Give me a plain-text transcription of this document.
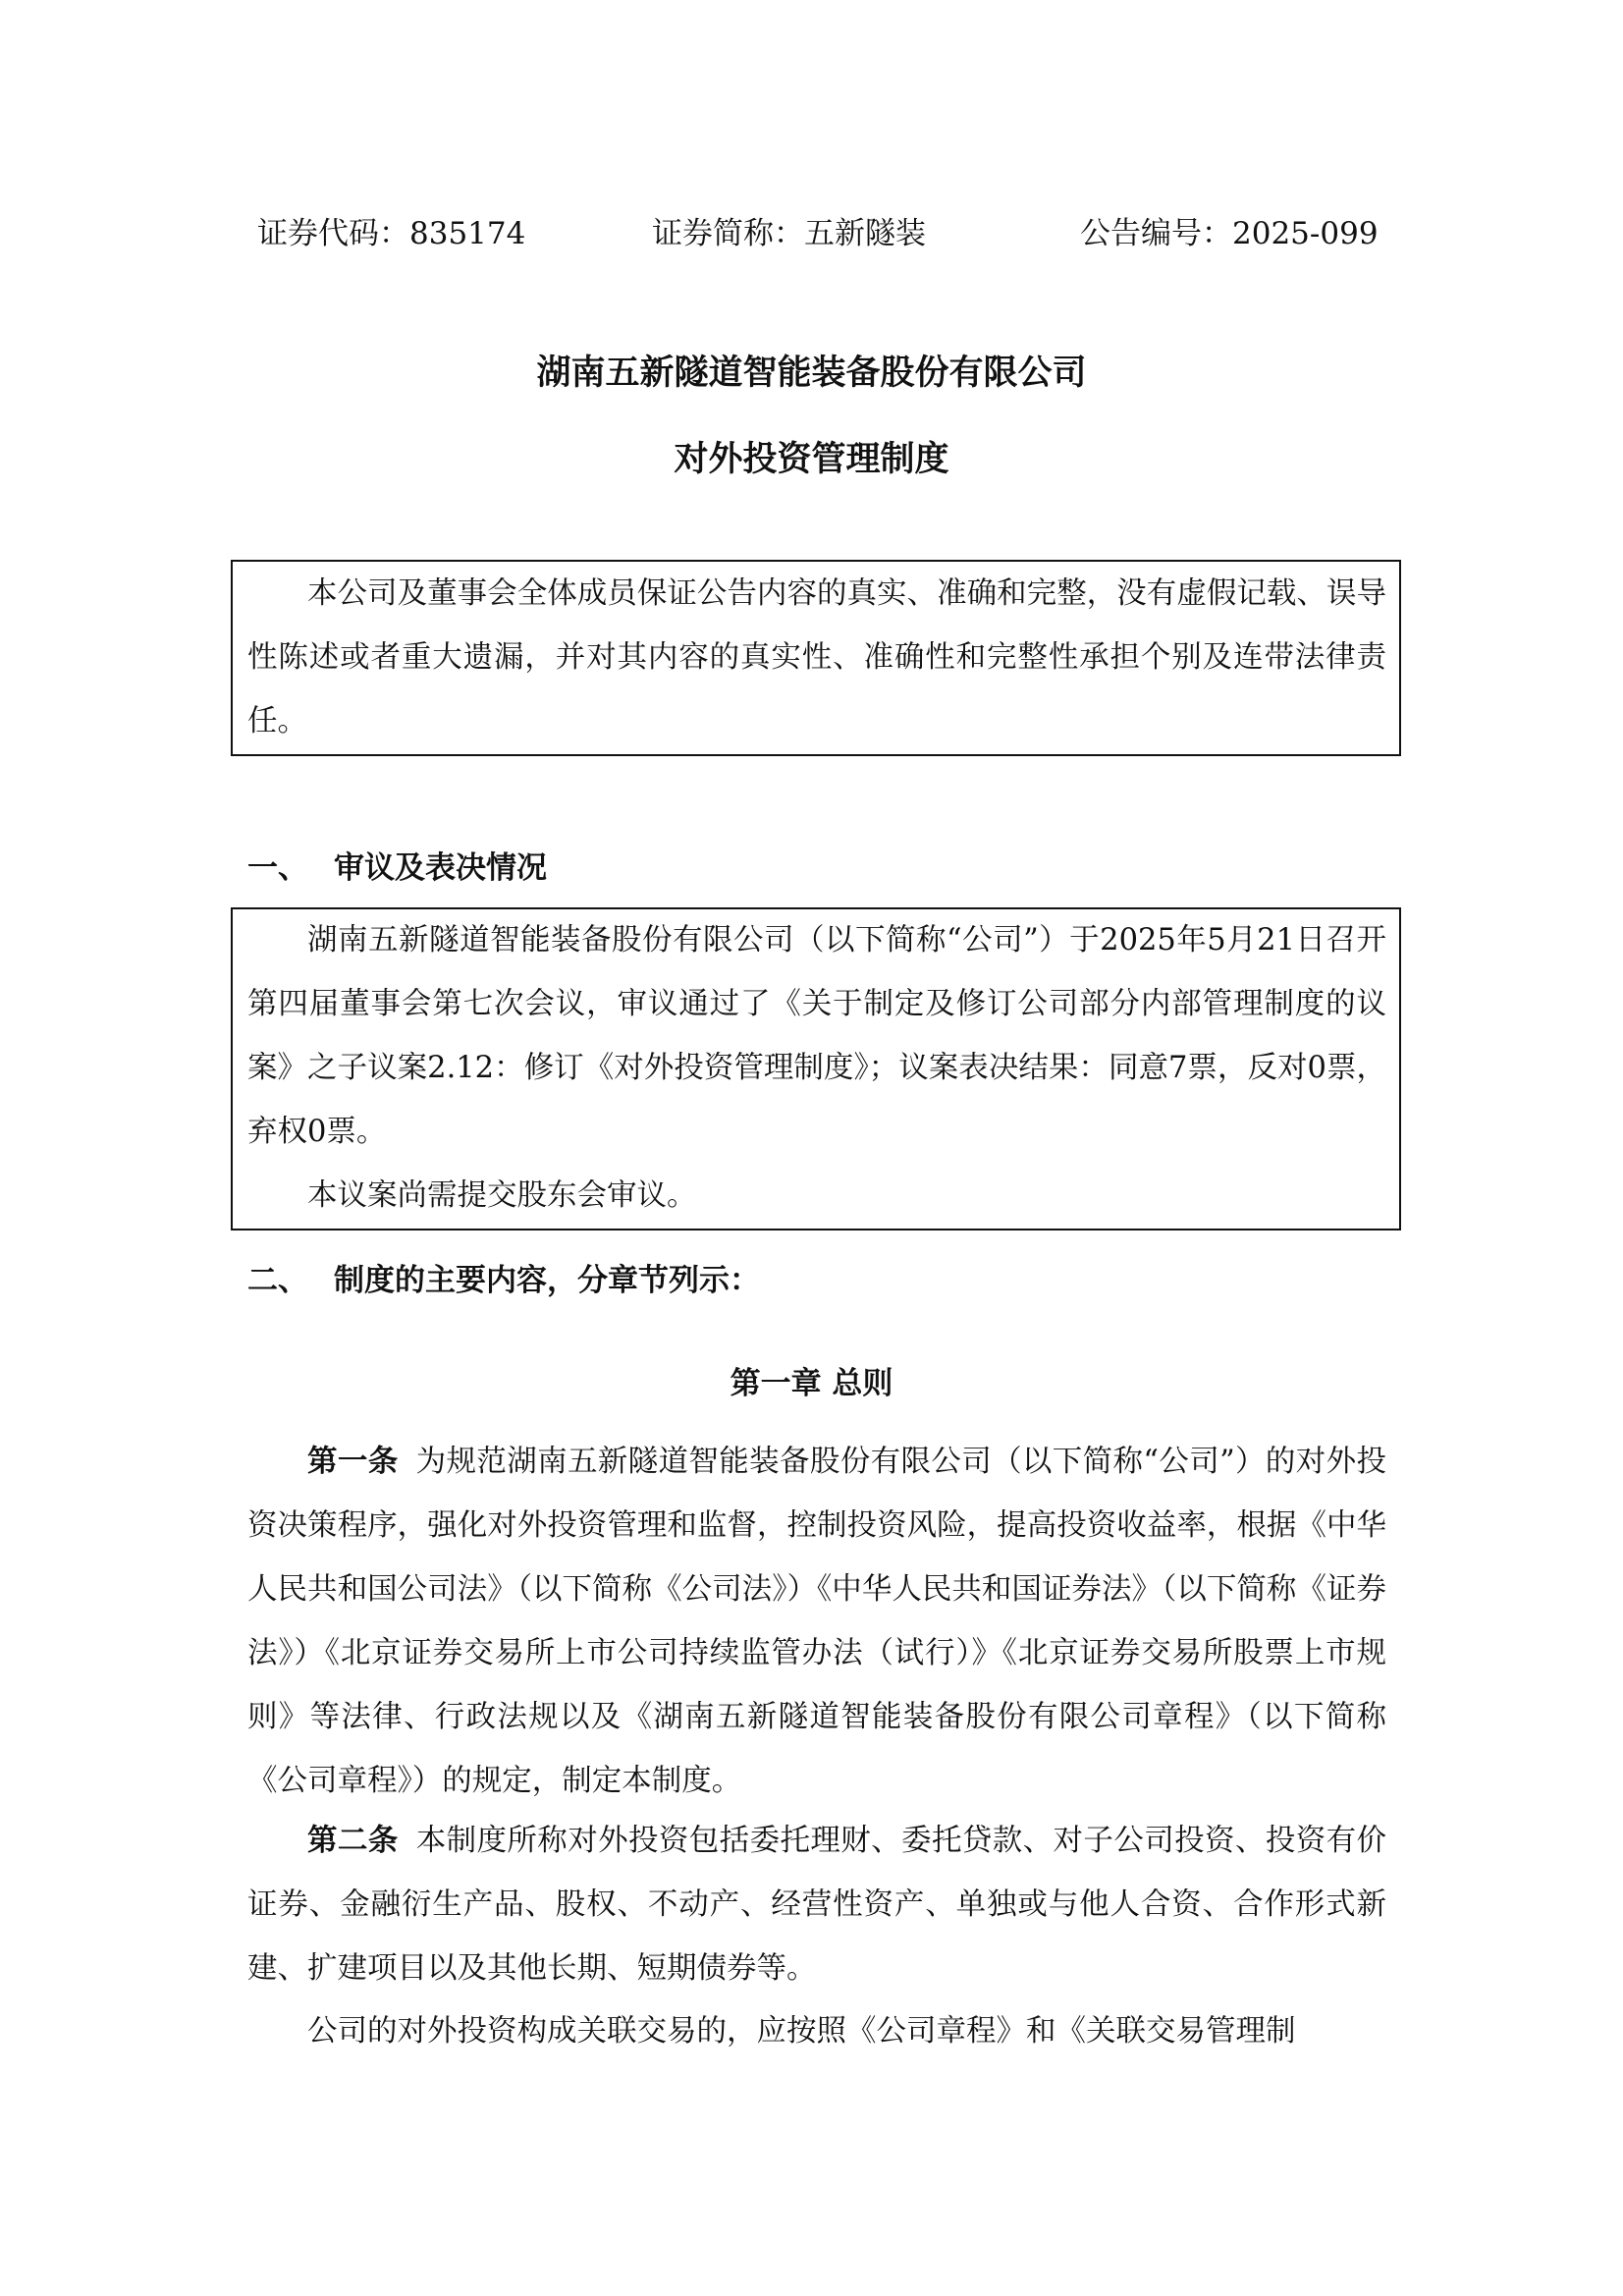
证券代码：835174	证券简称：五新隧装	公告编号：2025-099
湖南五新隧道智能装备股份有限公司
对外投资管理制度

本公司及董事会全体成员保证公告内容的真实、准确和完整，没有虚假记载、误导性陈述或者重大遗漏，并对其内容的真实性、准确性和完整性承担个别及连带法律责任。

一、 审议及表决情况

湖南五新隧道智能装备股份有限公司（以下简称“公司”）于2025年5月21日召开第四届董事会第七次会议，审议通过了《关于制定及修订公司部分内部管理制度的议案》之子议案2.12：修订《对外投资管理制度》；议案表决结果：同意7票，反对0票，弃权0票。

本议案尚需提交股东会审议。

二、 制度的主要内容，分章节列示：
第一章 总则

第一条 为规范湖南五新隧道智能装备股份有限公司（以下简称“公司”）的对外投资决策程序，强化对外投资管理和监督，控制投资风险，提高投资收益率，根据《中华人民共和国公司法》（以下简称《公司法》）《中华人民共和国证券法》（以下简称《证券法》）《北京证券交易所上市公司持续监管办法（试行）》《北京证券交易所股票上市规则》等法律、行政法规以及《湖南五新隧道智能装备股份有限公司章程》（以下简称《公司章程》）的规定，制定本制度。

第二条 本制度所称对外投资包括委托理财、委托贷款、对子公司投资、投资有价证券、金融衍生产品、股权、不动产、经营性资产、单独或与他人合资、合作形式新建、扩建项目以及其他长期、短期债券等。

公司的对外投资构成关联交易的，应按照《公司章程》和《关联交易管理制
